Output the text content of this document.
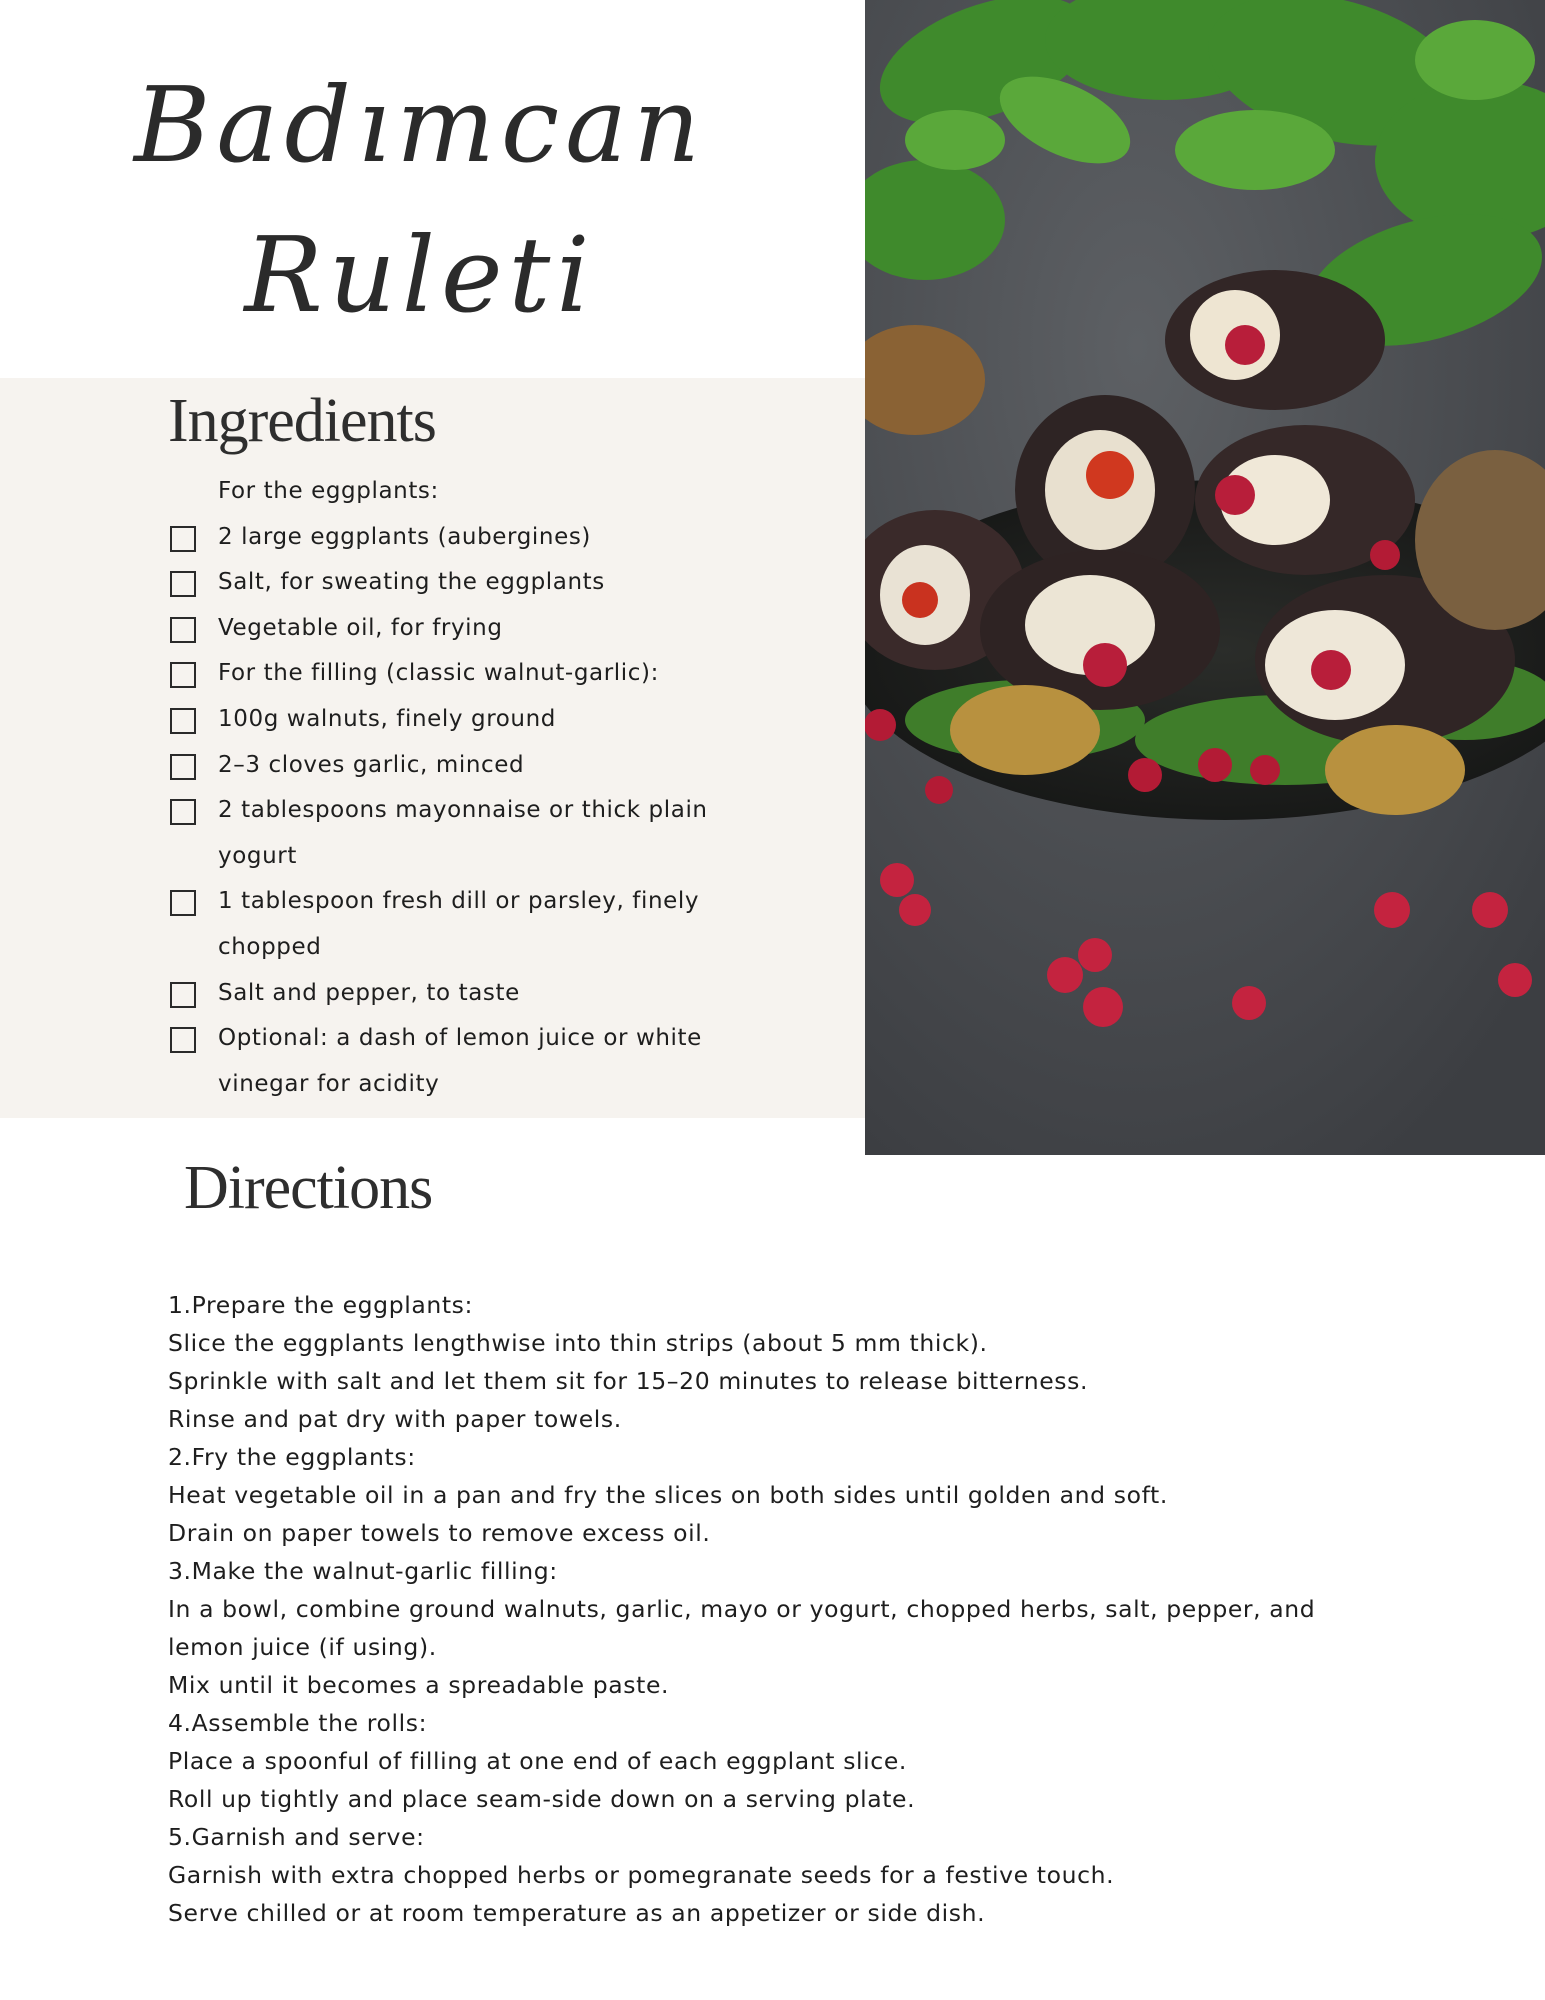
Badımcan
Ruleti
Ingredients
For the eggplants:
2 large eggplants (aubergines)
Salt, for sweating the eggplants
Vegetable oil, for frying
For the filling (classic walnut-garlic):
100g walnuts, finely ground
2–3 cloves garlic, minced
2 tablespoons mayonnaise or thick plain yogurt
1 tablespoon fresh dill or parsley, finely chopped
Salt and pepper, to taste
Optional: a dash of lemon juice or white vinegar for acidity
Directions

1.Prepare the eggplants:

Slice the eggplants lengthwise into thin strips (about 5 mm thick).

Sprinkle with salt and let them sit for 15–20 minutes to release bitterness.

Rinse and pat dry with paper towels.

2.Fry the eggplants:

Heat vegetable oil in a pan and fry the slices on both sides until golden and soft.

Drain on paper towels to remove excess oil.

3.Make the walnut-garlic filling:

In a bowl, combine ground walnuts, garlic, mayo or yogurt, chopped herbs, salt, pepper, and lemon juice (if using).

Mix until it becomes a spreadable paste.

4.Assemble the rolls:

Place a spoonful of filling at one end of each eggplant slice.

Roll up tightly and place seam-side down on a serving plate.

5.Garnish and serve:

Garnish with extra chopped herbs or pomegranate seeds for a festive touch.

Serve chilled or at room temperature as an appetizer or side dish.
